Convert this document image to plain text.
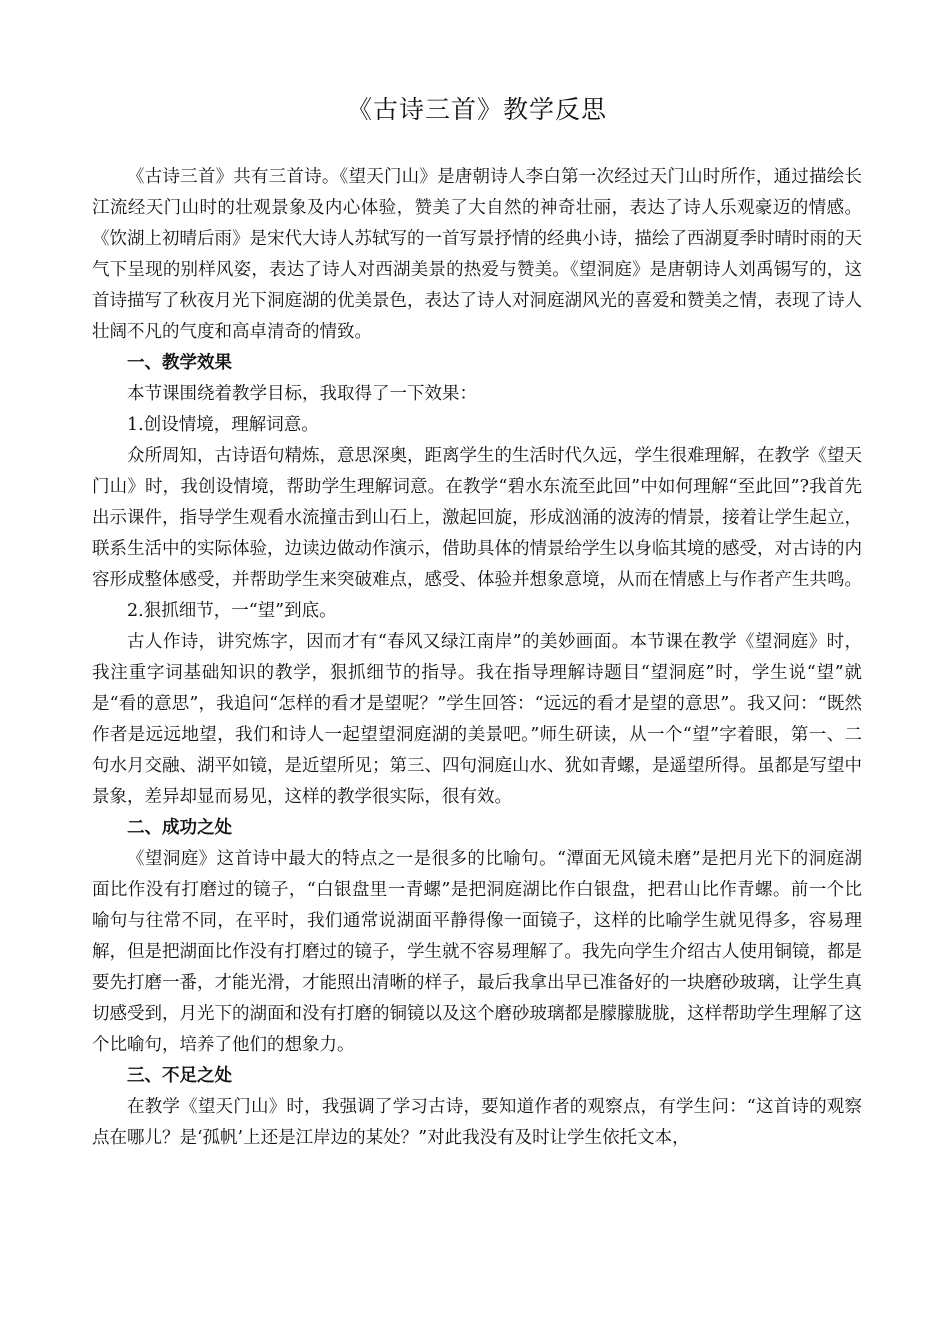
《古诗三首》教学反思

《古诗三首》共有三首诗。《望天门山》是唐朝诗人李白第一次经过天门山时所作，通过描绘长江流经天门山时的壮观景象及内心体验，赞美了大自然的神奇壮丽，表达了诗人乐观豪迈的情感。《饮湖上初晴后雨》是宋代大诗人苏轼写的一首写景抒情的经典小诗，描绘了西湖夏季时晴时雨的天气下呈现的别样风姿，表达了诗人对西湖美景的热爱与赞美。《望洞庭》是唐朝诗人刘禹锡写的，这首诗描写了秋夜月光下洞庭湖的优美景色，表达了诗人对洞庭湖风光的喜爱和赞美之情，表现了诗人壮阔不凡的气度和高卓清奇的情致。

一、教学效果

本节课围绕着教学目标，我取得了一下效果：

1.创设情境，理解词意。

众所周知，古诗语句精炼，意思深奥，距离学生的生活时代久远，学生很难理解，在教学《望天门山》时，我创设情境，帮助学生理解词意。在教学“碧水东流至此回”中如何理解“至此回”?我首先出示课件，指导学生观看水流撞击到山石上，激起回旋，形成汹涌的波涛的情景，接着让学生起立，联系生活中的实际体验，边读边做动作演示，借助具体的情景给学生以身临其境的感受，对古诗的内容形成整体感受，并帮助学生来突破难点，感受、体验并想象意境，从而在情感上与作者产生共鸣。

2.狠抓细节，一“望”到底。

古人作诗，讲究炼字，因而才有“春风又绿江南岸”的美妙画面。本节课在教学《望洞庭》时，我注重字词基础知识的教学，狠抓细节的指导。我在指导理解诗题目“望洞庭”时，学生说“望”就是“看的意思”，我追问“怎样的看才是望呢？”学生回答：“远远的看才是望的意思”。我又问：“既然作者是远远地望，我们和诗人一起望望洞庭湖的美景吧。”师生研读，从一个“望”字着眼，第一、二句水月交融、湖平如镜，是近望所见；第三、四句洞庭山水、犹如青螺，是遥望所得。虽都是写望中景象，差异却显而易见，这样的教学很实际，很有效。

二、成功之处

《望洞庭》这首诗中最大的特点之一是很多的比喻句。“潭面无风镜未磨”是把月光下的洞庭湖面比作没有打磨过的镜子，“白银盘里一青螺”是把洞庭湖比作白银盘，把君山比作青螺。前一个比喻句与往常不同，在平时，我们通常说湖面平静得像一面镜子，这样的比喻学生就见得多，容易理解，但是把湖面比作没有打磨过的镜子，学生就不容易理解了。我先向学生介绍古人使用铜镜，都是要先打磨一番，才能光滑，才能照出清晰的样子，最后我拿出早已准备好的一块磨砂玻璃，让学生真切感受到，月光下的湖面和没有打磨的铜镜以及这个磨砂玻璃都是朦朦胧胧，这样帮助学生理解了这个比喻句，培养了他们的想象力。

三、不足之处

在教学《望天门山》时，我强调了学习古诗，要知道作者的观察点，有学生问：“这首诗的观察点在哪儿？是‘孤帆’上还是江岸边的某处？”对此我没有及时让学生依托文本，
